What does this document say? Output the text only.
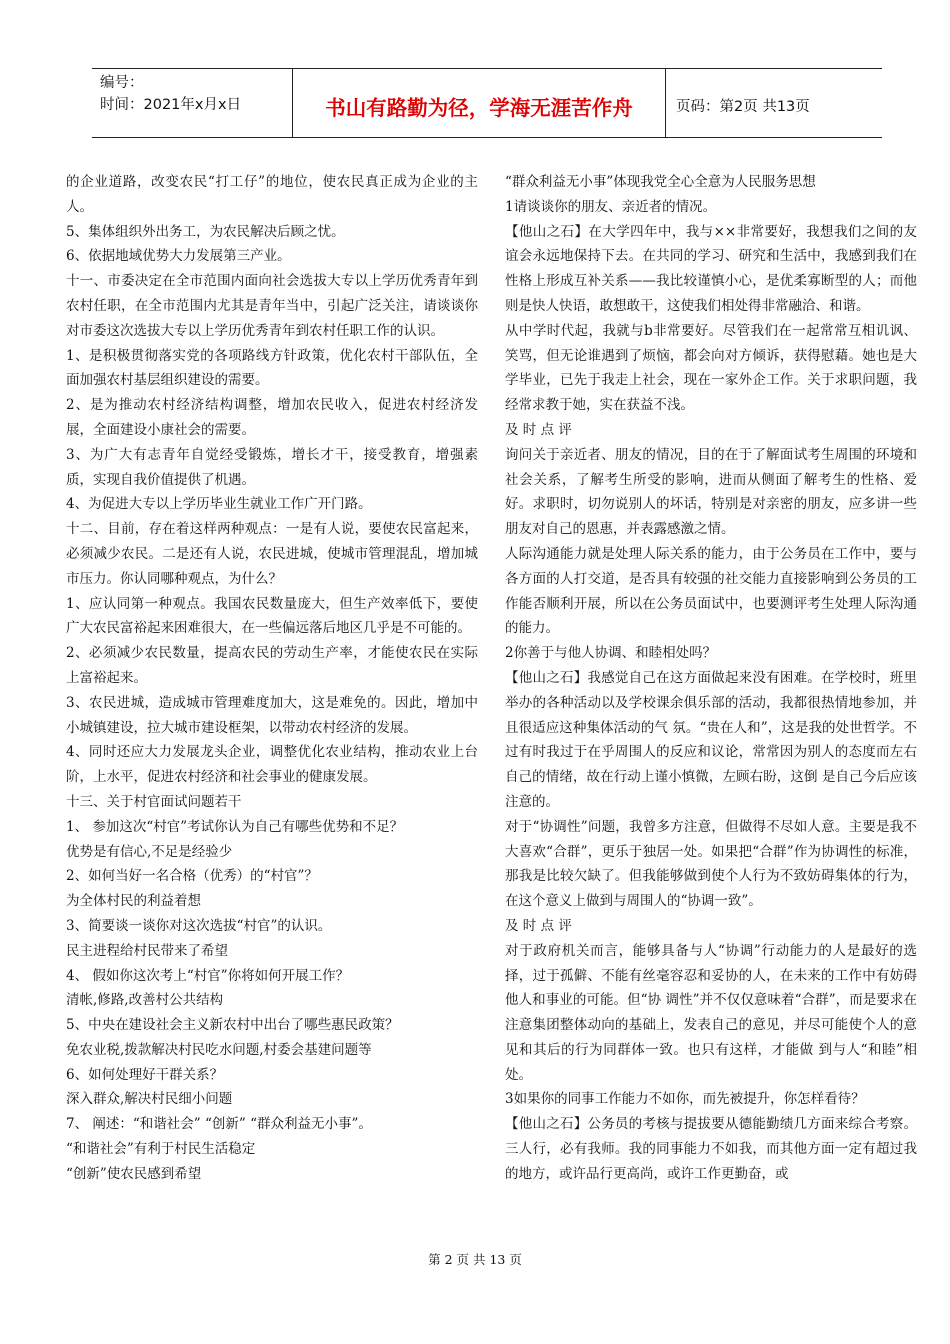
编号：
时间：2021年x月x日	书山有路勤为径，学海无涯苦作舟	页码：第2页 共13页

的企业道路，改变农民“打工仔”的地位，使农民真正成为企业的主人。

5、集体组织外出务工，为农民解决后顾之忧。

6、依据地域优势大力发展第三产业。

十一、市委决定在全市范围内面向社会选拔大专以上学历优秀青年到农村任职，在全市范围内尤其是青年当中，引起广泛关注，请谈谈你对市委这次选拔大专以上学历优秀青年到农村任职工作的认识。

1、是积极贯彻落实党的各项路线方针政策，优化农村干部队伍，全面加强农村基层组织建设的需要。

2、是为推动农村经济结构调整，增加农民收入，促进农村经济发展，全面建设小康社会的需要。

3、为广大有志青年自觉经受锻炼，增长才干，接受教育，增强素质，实现自我价值提供了机遇。

4、为促进大专以上学历毕业生就业工作广开门路。

十二、目前，存在着这样两种观点：一是有人说，要使农民富起来，必须减少农民。二是还有人说，农民进城，使城市管理混乱，增加城市压力。你认同哪种观点，为什么？

1、应认同第一种观点。我国农民数量庞大，但生产效率低下，要使广大农民富裕起来困难很大，在一些偏远落后地区几乎是不可能的。

2、必须减少农民数量，提高农民的劳动生产率，才能使农民在实际上富裕起来。

3、农民进城，造成城市管理难度加大，这是难免的。因此，增加中小城镇建设，拉大城市建设框架，以带动农村经济的发展。

4、同时还应大力发展龙头企业，调整优化农业结构，推动农业上台阶，上水平，促进农村经济和社会事业的健康发展。

十三、关于村官面试问题若干

1、 参加这次“村官”考试你认为自己有哪些优势和不足？

优势是有信心,不足是经验少

2、如何当好一名合格（优秀）的“村官”？

为全体村民的利益着想

3、简要谈一谈你对这次选拔“村官”的认识。

民主进程给村民带来了希望

4、 假如你这次考上“村官”你将如何开展工作？

清帐,修路,改善村公共结构

5、中央在建设社会主义新农村中出台了哪些惠民政策？

免农业税,拨款解决村民吃水问题,村委会基建问题等

6、如何处理好干群关系？

深入群众,解决村民细小问题

7、 阐述：“和谐社会” “创新” “群众利益无小事”。

“和谐社会”有利于村民生活稳定

“创新”使农民感到希望

“群众利益无小事”体现我党全心全意为人民服务思想

1请谈谈你的朋友、亲近者的情况。

【他山之石】在大学四年中，我与××非常要好，我想我们之间的友谊会永远地保持下去。在共同的学习、研究和生活中，我感到我们在性格上形成互补关系——我比较谨慎小心，是优柔寡断型的人；而他则是快人快语，敢想敢干，这使我们相处得非常融洽、和谐。

从中学时代起，我就与b非常要好。尽管我们在一起常常互相讥讽、笑骂，但无论谁遇到了烦恼，都会向对方倾诉，获得慰藉。她也是大学毕业，已先于我走上社会，现在一家外企工作。关于求职问题，我经常求教于她，实在获益不浅。

及 时 点 评

询问关于亲近者、朋友的情况，目的在于了解面试考生周围的环境和社会关系，了解考生所受的影响，进而从侧面了解考生的性格、爱好。求职时，切勿说别人的坏话，特别是对亲密的朋友，应多讲一些朋友对自己的恩惠，并表露感激之情。

人际沟通能力就是处理人际关系的能力，由于公务员在工作中，要与各方面的人打交道，是否具有较强的社交能力直接影响到公务员的工作能否顺利开展，所以在公务员面试中，也要测评考生处理人际沟通的能力。

2你善于与他人协调、和睦相处吗？

【他山之石】我感觉自己在这方面做起来没有困难。在学校时，班里举办的各种活动以及学校课余俱乐部的活动，我都很热情地参加，并且很适应这种集体活动的气 氛。“贵在人和”，这是我的处世哲学。不过有时我过于在乎周围人的反应和议论，常常因为别人的态度而左右自己的情绪，故在行动上谨小慎微，左顾右盼，这倒 是自己今后应该注意的。

对于“协调性”问题，我曾多方注意，但做得不尽如人意。主要是我不大喜欢“合群”，更乐于独居一处。如果把“合群”作为协调性的标准，那我是比较欠缺了。但我能够做到使个人行为不致妨碍集体的行为，在这个意义上做到与周围人的“协调一致”。

及 时 点 评

对于政府机关而言，能够具备与人“协调”行动能力的人是最好的选择，过于孤僻、不能有丝毫容忍和妥协的人，在未来的工作中有妨碍他人和事业的可能。但“协 调性”并不仅仅意味着“合群”，而是要求在注意集团整体动向的基础上，发表自己的意见，并尽可能使个人的意见和其后的行为同群体一致。也只有这样，才能做 到与人“和睦”相处。

3如果你的同事工作能力不如你，而先被提升，你怎样看待？

【他山之石】公务员的考核与提拔要从德能勤绩几方面来综合考察。三人行，必有我师。我的同事能力不如我，而其他方面一定有超过我的地方，或许品行更高尚，或许工作更勤奋，或

第 2 页 共 13 页
